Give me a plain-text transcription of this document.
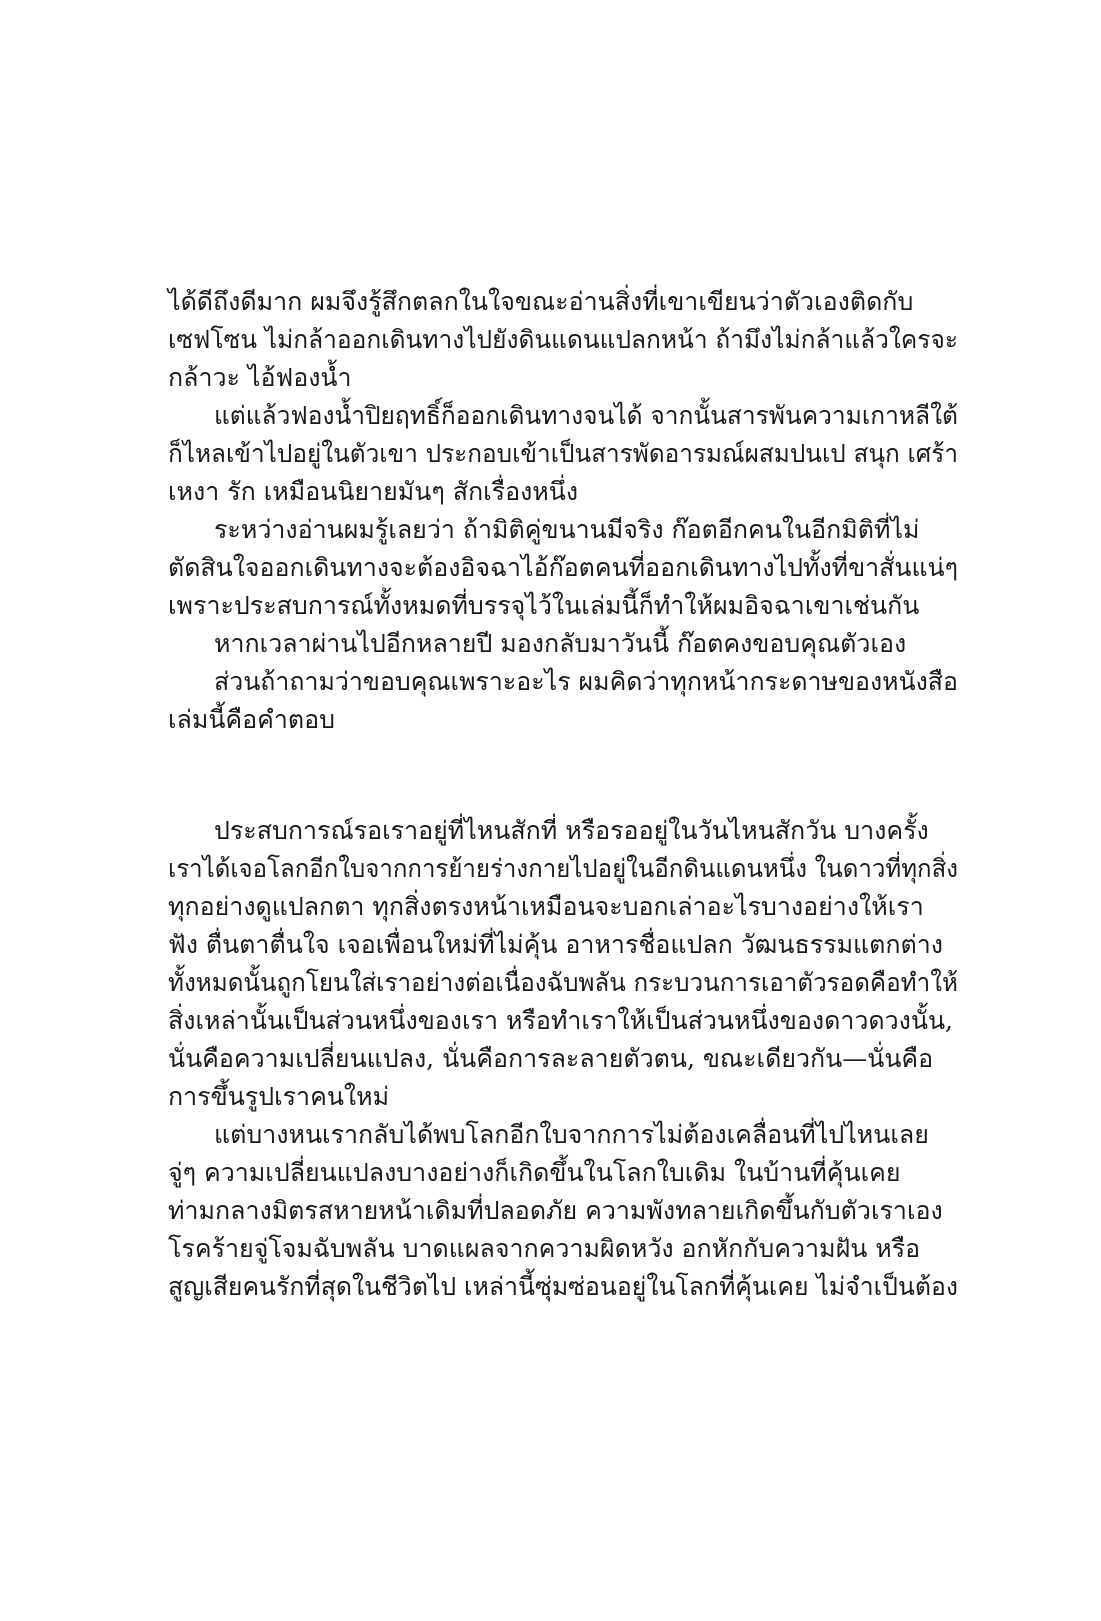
ได้ดีถึงดีมาก ผมจึงรู้สึกตลกในใจขณะอ่านสิ่งที่เขาเขียนว่าตัวเองติดกับ
เซฟโซน ไม่กล้าออกเดินทางไปยังดินแดนแปลกหน้า ถ้ามึงไม่กล้าแล้วใครจะ
กล้าวะ ไอ้ฟองน้ำ
แต่แล้วฟองน้ำปิยฤทธิ์ก็ออกเดินทางจนได้ จากนั้นสารพันความเกาหลีใต้
ก็ไหลเข้าไปอยู่ในตัวเขา ประกอบเข้าเป็นสารพัดอารมณ์ผสมปนเป สนุก เศร้า
เหงา รัก เหมือนนิยายมันๆ สักเรื่องหนึ่ง
ระหว่างอ่านผมรู้เลยว่า ถ้ามิติคู่ขนานมีจริง ก๊อตอีกคนในอีกมิติที่ไม่
ตัดสินใจออกเดินทางจะต้องอิจฉาไอ้ก๊อตคนที่ออกเดินทางไปทั้งที่ขาสั่นแน่ๆ
เพราะประสบการณ์ทั้งหมดที่บรรจุไว้ในเล่มนี้ก็ทำให้ผมอิจฉาเขาเช่นกัน
หากเวลาผ่านไปอีกหลายปี มองกลับมาวันนี้ ก๊อตคงขอบคุณตัวเอง
ส่วนถ้าถามว่าขอบคุณเพราะอะไร ผมคิดว่าทุกหน้ากระดาษของหนังสือ
เล่มนี้คือคำตอบ
ประสบการณ์รอเราอยู่ที่ไหนสักที่ หรือรออยู่ในวันไหนสักวัน บางครั้ง
เราได้เจอโลกอีกใบจากการย้ายร่างกายไปอยู่ในอีกดินแดนหนึ่ง ในดาวที่ทุกสิ่ง
ทุกอย่างดูแปลกตา ทุกสิ่งตรงหน้าเหมือนจะบอกเล่าอะไรบางอย่างให้เรา
ฟัง ตื่นตาตื่นใจ เจอเพื่อนใหม่ที่ไม่คุ้น อาหารชื่อแปลก วัฒนธรรมแตกต่าง
ทั้งหมดนั้นถูกโยนใส่เราอย่างต่อเนื่องฉับพลัน กระบวนการเอาตัวรอดคือทำให้
สิ่งเหล่านั้นเป็นส่วนหนึ่งของเรา หรือทำเราให้เป็นส่วนหนึ่งของดาวดวงนั้น,
นั่นคือความเปลี่ยนแปลง, นั่นคือการละลายตัวตน, ขณะเดียวกัน—นั่นคือ
การขึ้นรูปเราคนใหม่
แต่บางหนเรากลับได้พบโลกอีกใบจากการไม่ต้องเคลื่อนที่ไปไหนเลย
จู่ๆ ความเปลี่ยนแปลงบางอย่างก็เกิดขึ้นในโลกใบเดิม ในบ้านที่คุ้นเคย
ท่ามกลางมิตรสหายหน้าเดิมที่ปลอดภัย ความพังทลายเกิดขึ้นกับตัวเราเอง
โรคร้ายจู่โจมฉับพลัน บาดแผลจากความผิดหวัง อกหักกับความฝัน หรือ
สูญเสียคนรักที่สุดในชีวิตไป เหล่านี้ซุ่มซ่อนอยู่ในโลกที่คุ้นเคย ไม่จำเป็นต้อง
